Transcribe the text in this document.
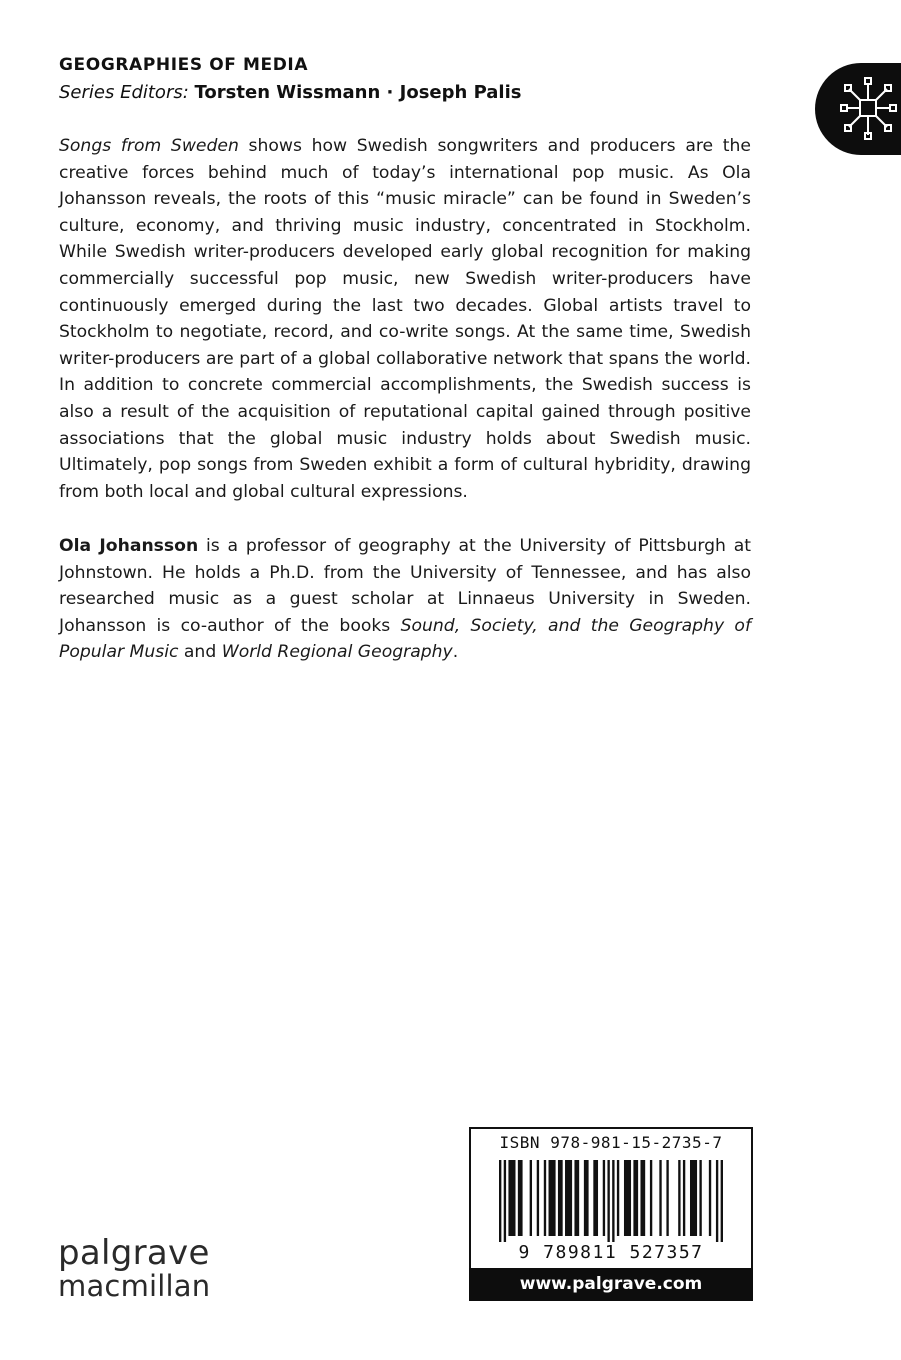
GEOGRAPHIES OF MEDIA
Series Editors: Torsten Wissmann · Joseph Palis

Songs from Sweden shows how Swedish songwriters and producers are the creative forces behind much of today’s international pop music. As Ola Johansson reveals, the roots of this “music miracle” can be found in Sweden’s culture, economy, and thriving music industry, concentrated in Stockholm. While Swedish writer-producers developed early global recognition for making commercially successful pop music, new Swedish writer-producers have continuously emerged during the last two decades. Global artists travel to Stockholm to negotiate, record, and co-write songs. At the same time, Swedish writer-producers are part of a global collaborative network that spans the world. In addition to concrete commercial accomplishments, the Swedish success is also a result of the acquisition of reputational capital gained through positive associations that the global music industry holds about Swedish music. Ultimately, pop songs from Sweden exhibit a form of cultural hybridity, drawing from both local and global cultural expressions.

Ola Johansson is a professor of geography at the University of Pittsburgh at Johnstown. He holds a Ph.D. from the University of Tennessee, and has also researched music as a guest scholar at Linnaeus University in Sweden. Johansson is co-author of the books Sound, Society, and the Geography of Popular Music and World Regional Geography.

palgrave
macmillan
ISBN 978-981-15-2735-7
9 789811 527357
www.palgrave.com
